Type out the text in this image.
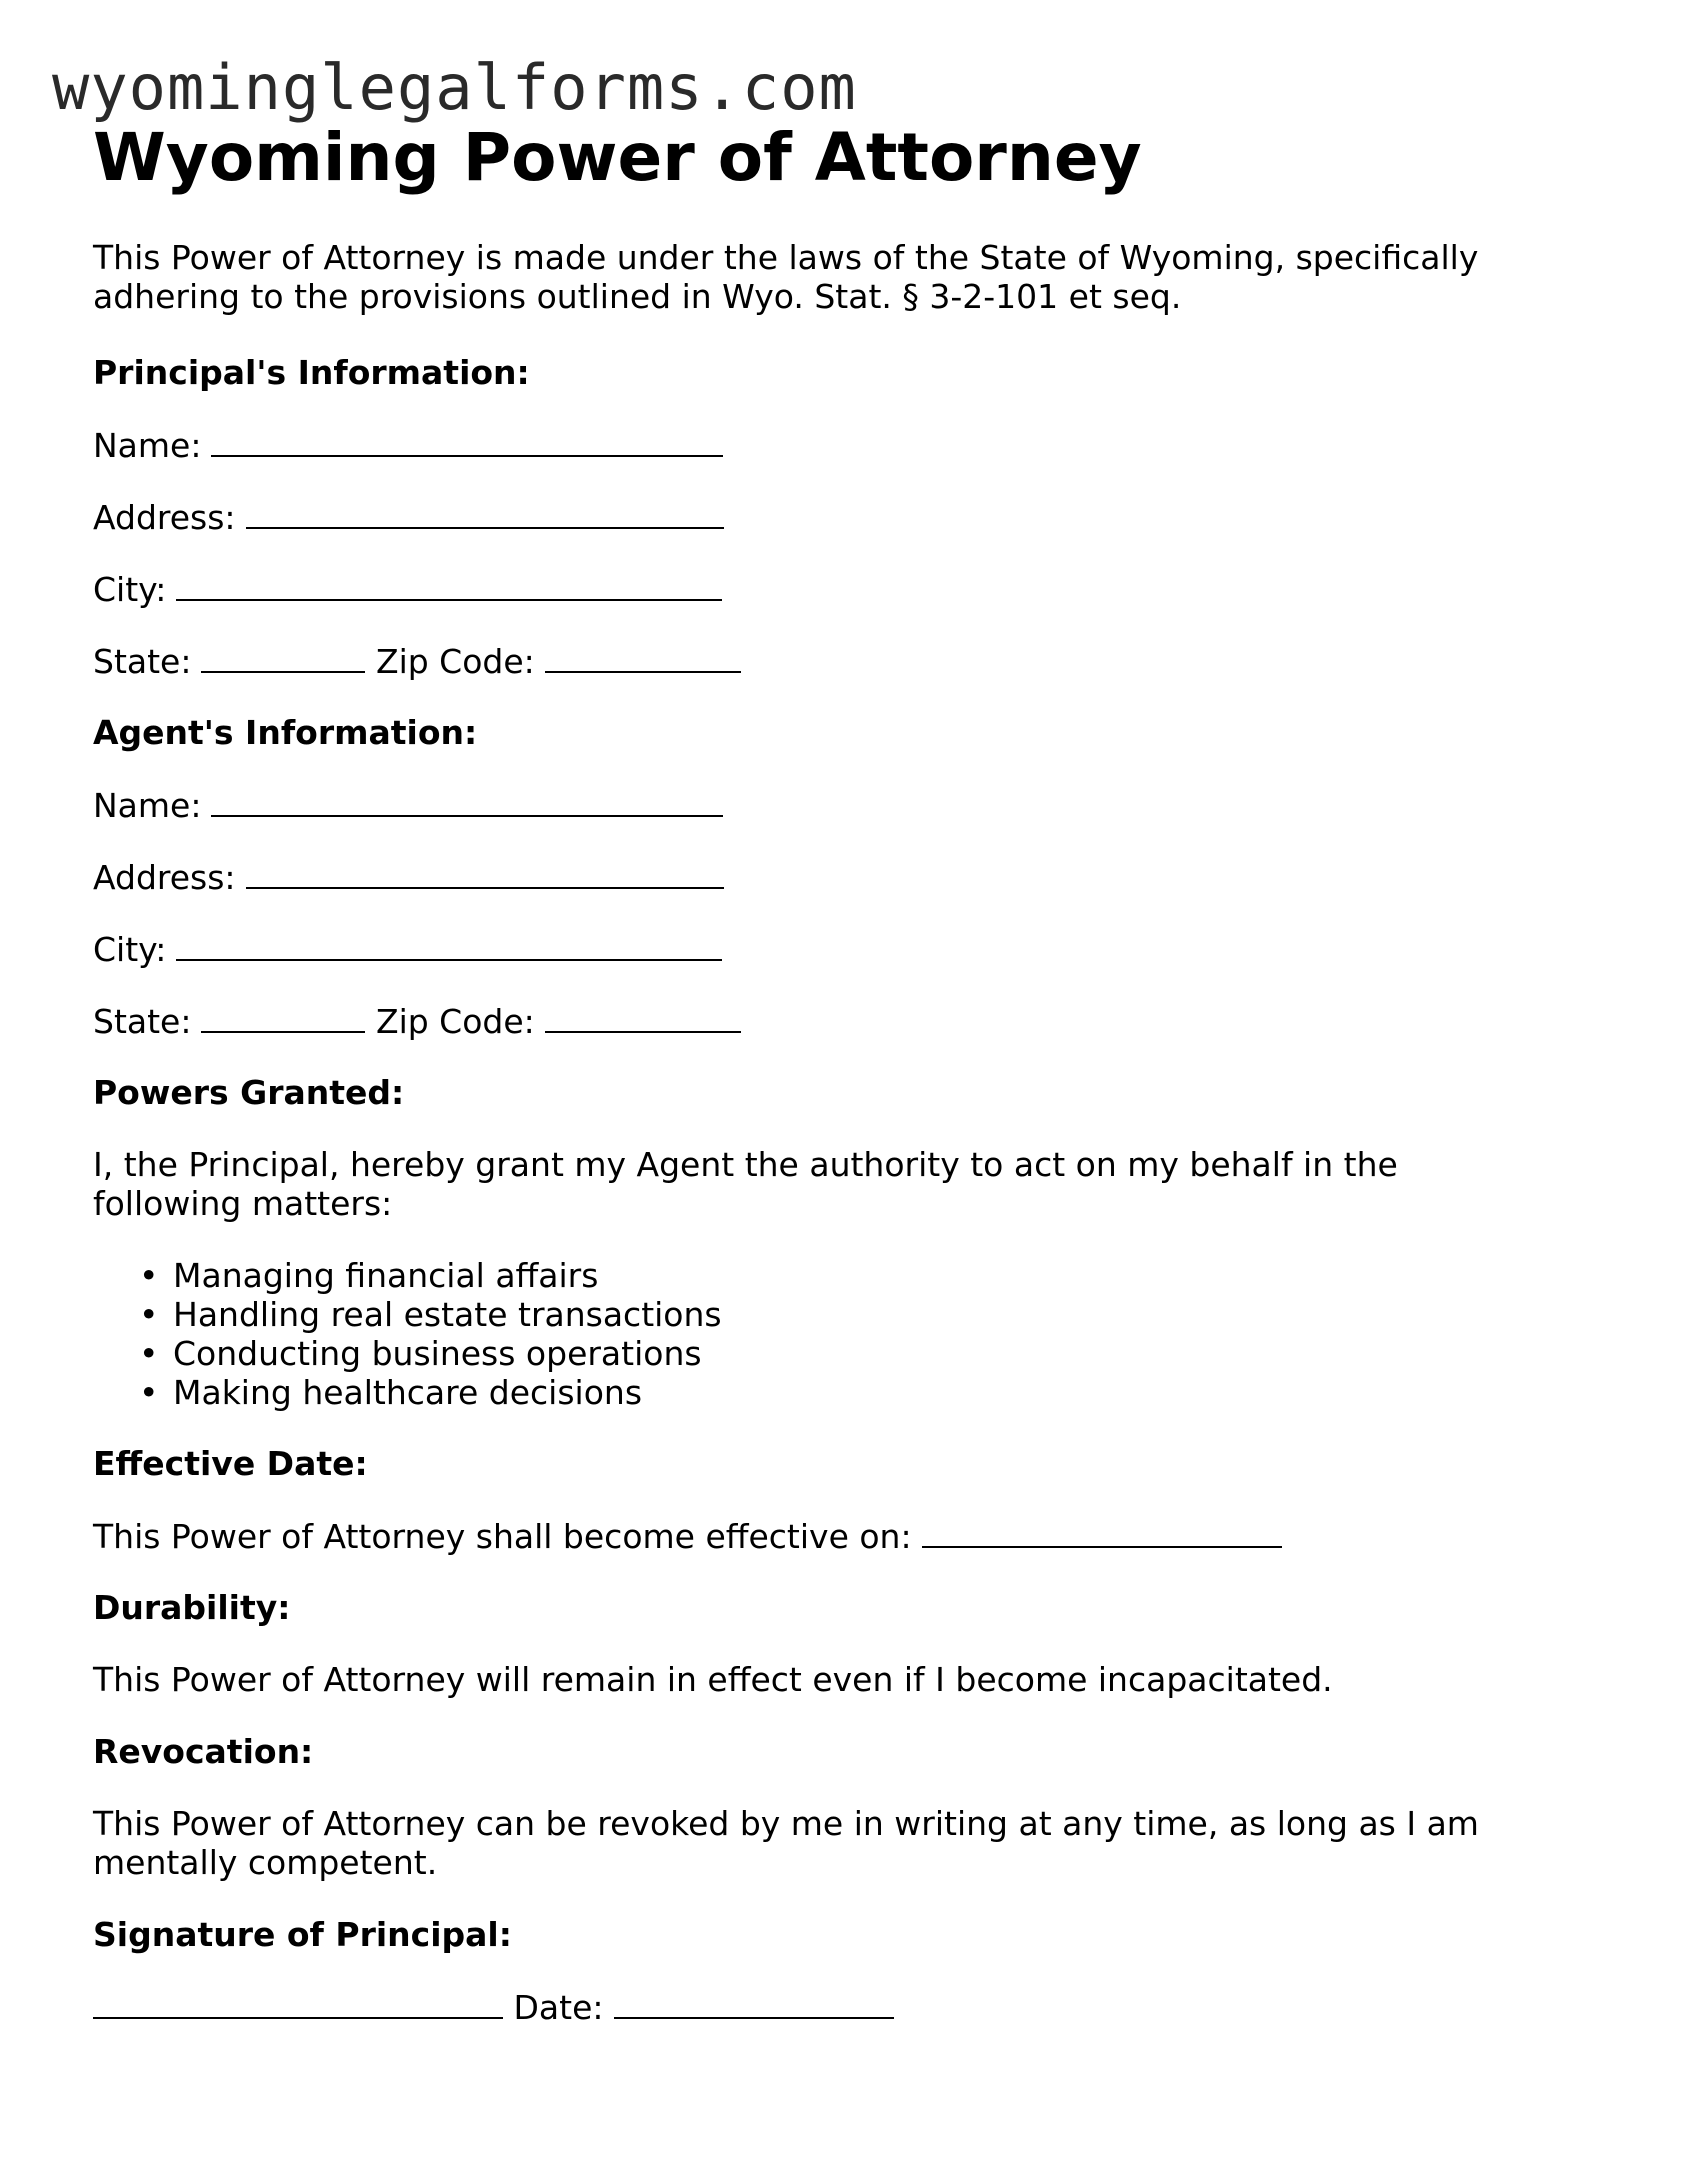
wyominglegalforms.com
Wyoming Power of Attorney

This Power of Attorney is made under the laws of the State of Wyoming, specifically adhering to the provisions outlined in Wyo. Stat. § 3-2-101 et seq.

Principal's Information:

Name:

Address:

City:

State:	Zip Code:

Agent's Information:

Name:

Address:

City:

State:	Zip Code:

Powers Granted:

I, the Principal, hereby grant my Agent the authority to act on my behalf in the following matters:

• Managing financial affairs
• Handling real estate transactions
• Conducting business operations
• Making healthcare decisions

Effective Date:

This Power of Attorney shall become effective on:

Durability:

This Power of Attorney will remain in effect even if I become incapacitated.

Revocation:

This Power of Attorney can be revoked by me in writing at any time, as long as I am mentally competent.

Signature of Principal:

Date:
